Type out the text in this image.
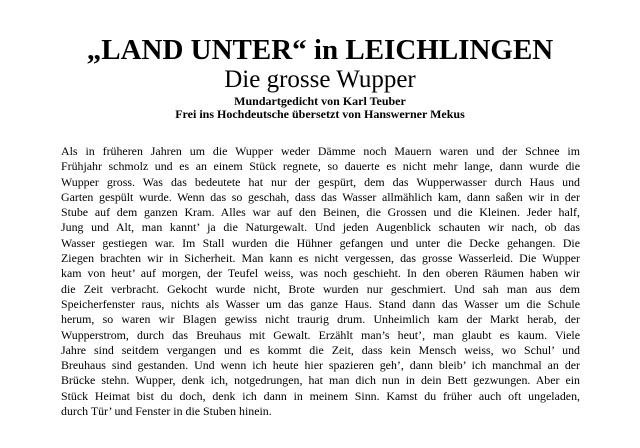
„LAND UNTER“ in LEICHLINGEN
Die grosse Wupper
Mundartgedicht von Karl Teuber
Frei ins Hochdeutsche übersetzt von Hanswerner Mekus
Als in früheren Jahren um die Wupper weder Dämme noch Mauern waren und der Schnee im
Frühjahr schmolz und es an einem Stück regnete, so dauerte es nicht mehr lange, dann wurde die
Wupper gross. Was das bedeutete hat nur der gespürt, dem das Wupperwasser durch Haus und
Garten gespült wurde. Wenn das so geschah, dass das Wasser allmählich kam, dann saßen wir in der
Stube auf dem ganzen Kram. Alles war auf den Beinen, die Grossen und die Kleinen. Jeder half,
Jung und Alt, man kannt’ ja die Naturgewalt. Und jeden Augenblick schauten wir nach, ob das
Wasser gestiegen war. Im Stall wurden die Hühner gefangen und unter die Decke gehangen. Die
Ziegen brachten wir in Sicherheit. Man kann es nicht vergessen, das grosse Wasserleid. Die Wupper
kam von heut’ auf morgen, der Teufel weiss, was noch geschieht. In den oberen Räumen haben wir
die Zeit verbracht. Gekocht wurde nicht, Brote wurden nur geschmiert. Und sah man aus dem
Speicherfenster raus, nichts als Wasser um das ganze Haus. Stand dann das Wasser um die Schule
herum, so waren wir Blagen gewiss nicht traurig drum. Unheimlich kam der Markt herab, der
Wupperstrom, durch das Breuhaus mit Gewalt. Erzählt man’s heut’, man glaubt es kaum. Viele
Jahre sind seitdem vergangen und es kommt die Zeit, dass kein Mensch weiss, wo Schul’ und
Breuhaus sind gestanden. Und wenn ich heute hier spazieren geh’, dann bleib’ ich manchmal an der
Brücke stehn. Wupper, denk ich, notgedrungen, hat man dich nun in dein Bett gezwungen. Aber ein
Stück Heimat bist du doch, denk ich dann in meinem Sinn. Kamst du früher auch oft ungeladen,
durch Tür’ und Fenster in die Stuben hinein.
